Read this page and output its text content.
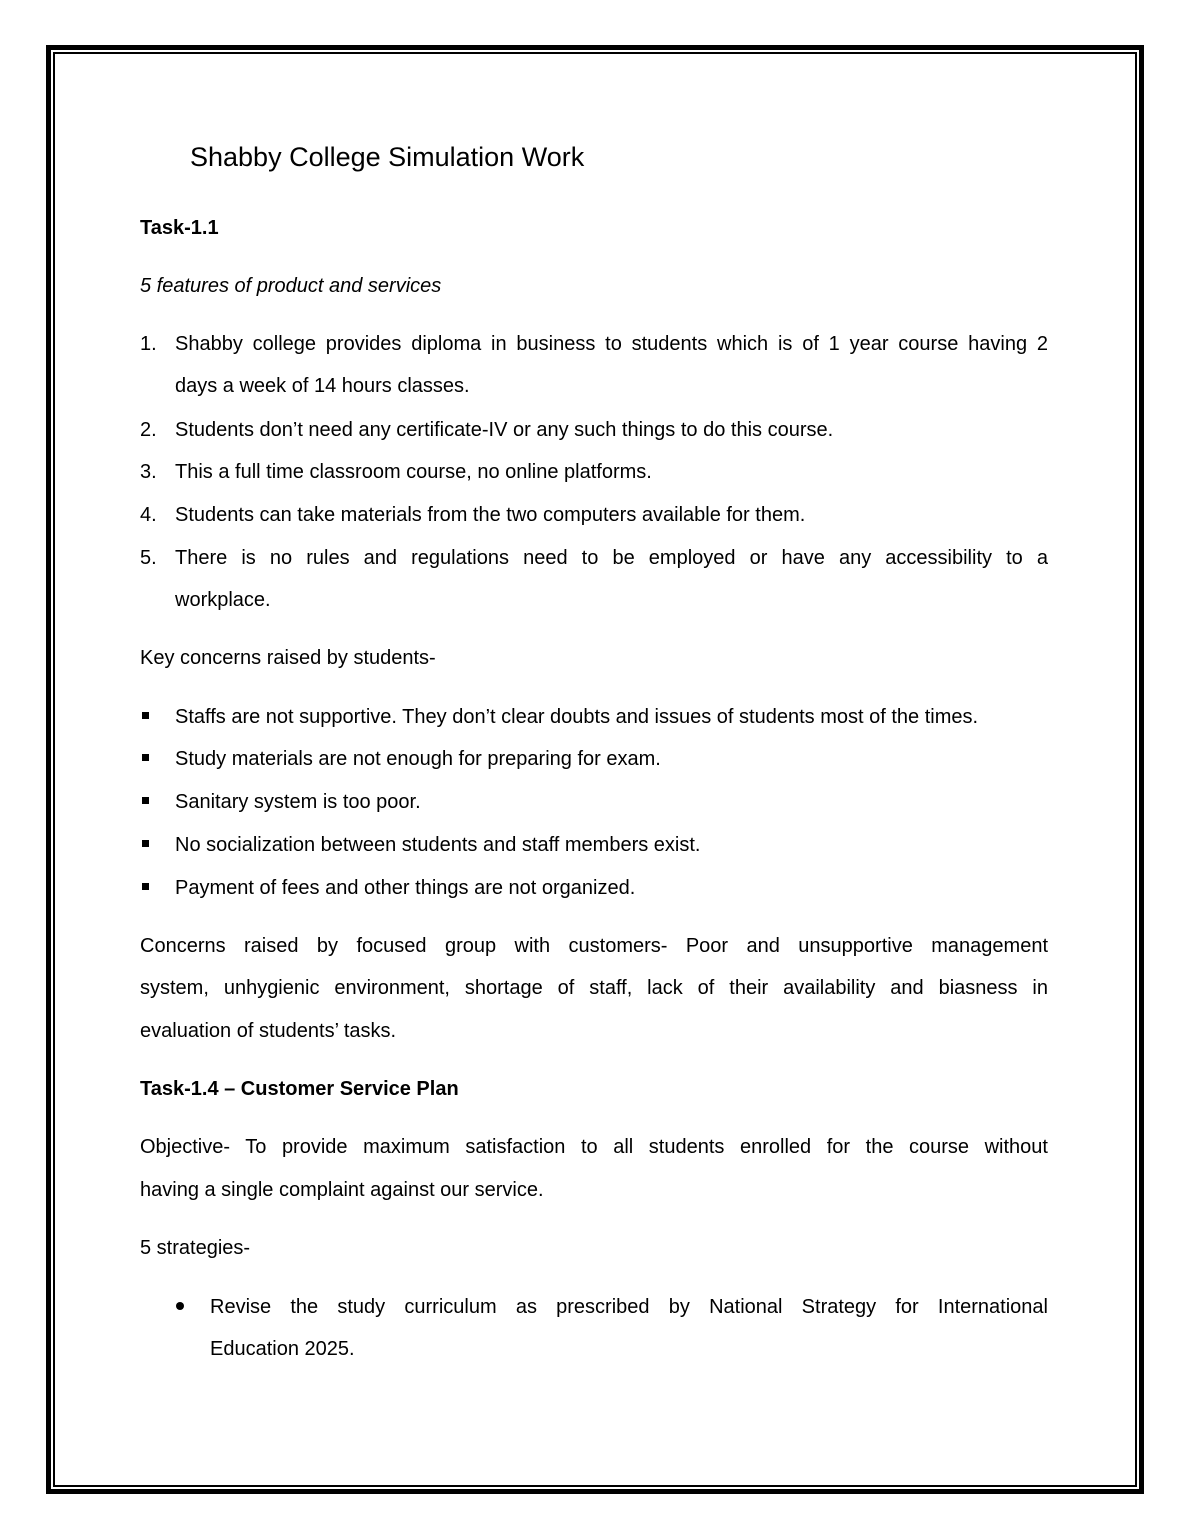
Shabby College Simulation Work
Task-1.1
5 features of product and services
1. Shabby college provides diploma in business to students which is of 1 year course having 2
days a week of 14 hours classes.
2. Students don’t need any certificate-IV or any such things to do this course.
3. This a full time classroom course, no online platforms.
4. Students can take materials from the two computers available for them.
5. There is no rules and regulations need to be employed or have any accessibility to a
workplace.
Key concerns raised by students-
Staffs are not supportive. They don’t clear doubts and issues of students most of the times.
Study materials are not enough for preparing for exam.
Sanitary system is too poor.
No socialization between students and staff members exist.
Payment of fees and other things are not organized.
Concerns raised by focused group with customers- Poor and unsupportive management
system, unhygienic environment, shortage of staff, lack of their availability and biasness in
evaluation of students’ tasks.
Task-1.4 – Customer Service Plan
Objective- To provide maximum satisfaction to all students enrolled for the course without
having a single complaint against our service.
5 strategies-
Revise the study curriculum as prescribed by National Strategy for International
Education 2025.
